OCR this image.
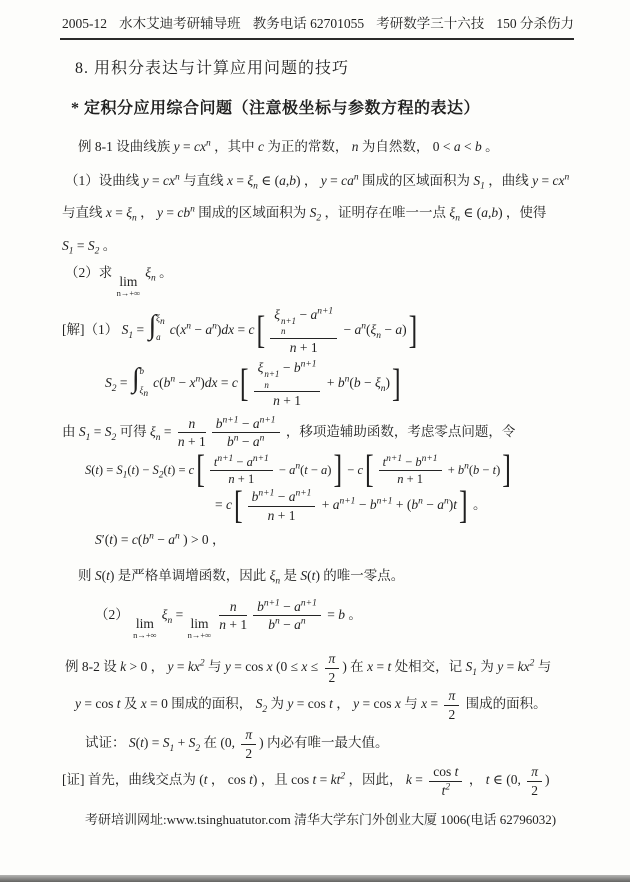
2005-12 水木艾迪考研辅导班 教务电话 62701055 考研数学三十六技 150 分杀伤力
8. 用积分表达与计算应用问题的技巧
* 定积分应用综合问题（注意极坐标与参数方程的表达）
例 8-1 设曲线族 $y = cx^n$ ，其中 c 为正的常数， n 为自然数， 0 < a < b 。
（1）设曲线 $y = cx^n$ 与直线 $x = \xi_n$ ∈ (a,b) ， $y = ca^n$ 围成的区域面积为 $S_1$ ，曲线 $y = cx^n$
与直线 $x = \xi_n$ ， $y = cb^n$ 围成的区域面积为 $S_2$ ，证明存在唯一一点 $\xi_n$ ∈ (a,b) ，使得
$S_1 = S_2$ 。
（2）求
lim
n→+∞
$\xi_n$ 。
[解]（1） $S_1$ = ∫ $\xi_n$
a $c(x^n - a^n)dx = c$[ ξ n+1
n
− $a^{n+1}$
$n + 1 - a^n(\xi_n - a)$]
$S_2$ = ∫ b
$\xi_n$
$c(b^n - x^n)dx = c$[ ξ n+1
n
− $b^{n+1}$
$n + 1 + b^n(b - \xi_n)$]
由 $S_1 = S_2$ 可得 $\xi_n = \frac{n}{n + 1} \frac{b^{n+1} - a^{n+1}}{b^n - a^n}$ ，移项造辅助函数，考虑零点问题，令
$S(t) = S_1(t) - S_2(t) = c[ \frac{t^{n+1} - a^{n+1}}{n + 1} - a^n(t - a)] - c[ \frac{t^{n+1} - b^{n+1}}{n + 1} + b^n(b - t)]$
= $c[ \frac{b^{n+1} - a^{n+1}}{n + 1} + a^{n+1} - b^{n+1} + (b^n - a^n)t]$ 。
$S'(t) = c(b^n - a^n$ ) > 0 ，
则 S(t) 是严格单调增函数，因此 $\xi_n$ 是 S(t) 的唯一零点。
（2）
lim
n→+∞
$\xi_n$ =
lim
n→+∞
$\frac{n}{n + 1} \frac{b^{n+1} - a^{n+1}}{b^n - a^n} = b$ 。
例 8-2 设 k > 0 ， $y = kx^2$ 与 y = cos x ($0 \le x \le \frac{\pi}{2}$ ) 在 x = t 处相交，记 $S_1$ 为 $y = kx^2$ 与
y = cos t 及 x = 0 围成的面积， $S_2$ 为 y = cos t ， y = cos x 与 $x = \frac{\pi}{2}$ 围成的面积。
试证： $S(t) = S_1 + S_2$ 在 (0, $\frac{\pi}{2}$ ) 内必有唯一最大值。
[证] 首先，曲线交点为 (t ， cos t) ，且 $\cos t = kt^2$ ，因此， $k = \frac{\text{cos t}}{t^2}$ ， t ∈ (0, $\frac{\pi}{2}$ )
考研培训网址:www.tsinghuatutor.com 清华大学东门外创业大厦 1006(电话 62796032)
